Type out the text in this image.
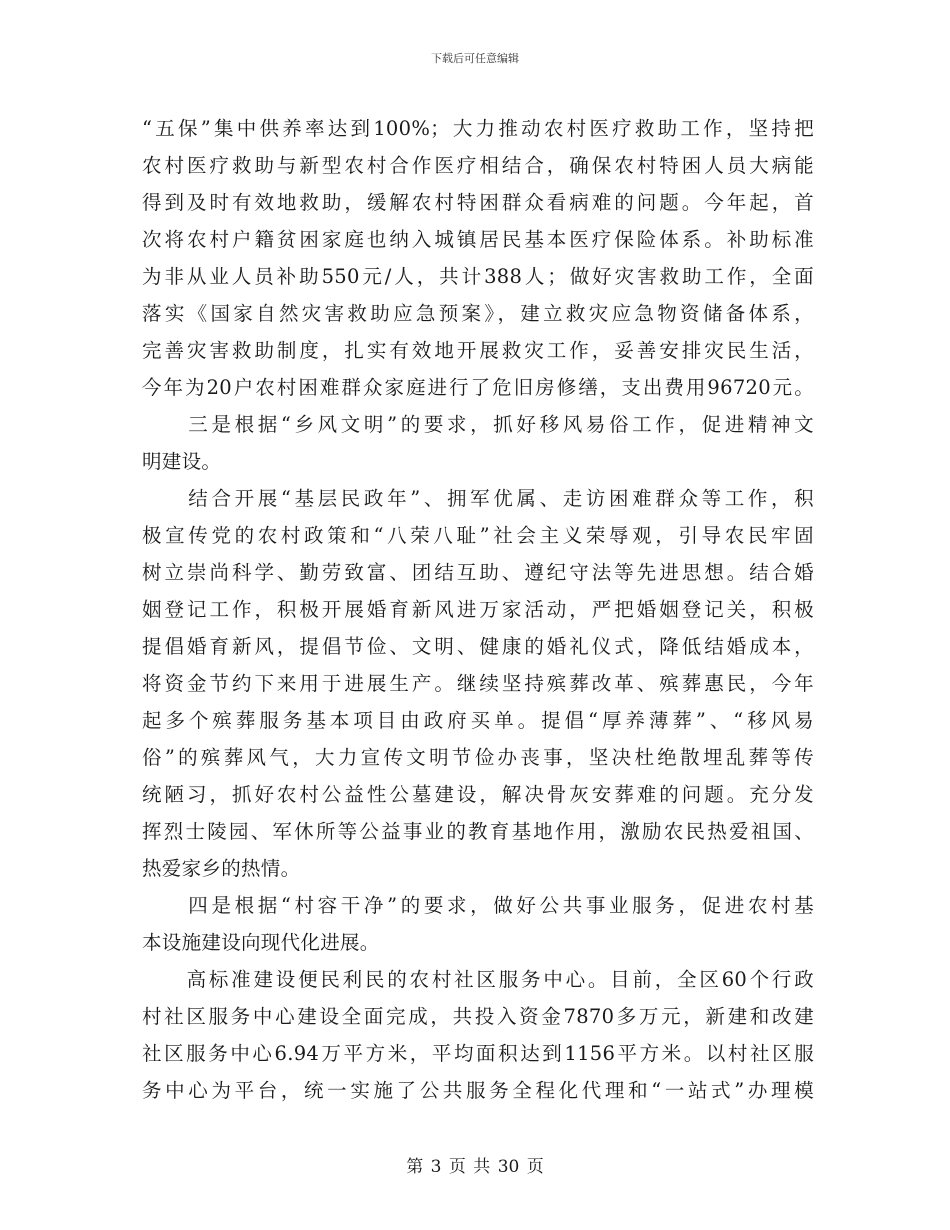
下载后可任意编辑
“五保”集中供养率达到100%；大力推动农村医疗救助工作，坚持把
农村医疗救助与新型农村合作医疗相结合，确保农村特困人员大病能
得到及时有效地救助，缓解农村特困群众看病难的问题。今年起，首
次将农村户籍贫困家庭也纳入城镇居民基本医疗保险体系。补助标准
为非从业人员补助550元/人，共计388人；做好灾害救助工作，全面
落实《国家自然灾害救助应急预案》，建立救灾应急物资储备体系，
完善灾害救助制度，扎实有效地开展救灾工作，妥善安排灾民生活，
今年为20户农村困难群众家庭进行了危旧房修缮，支出费用96720元。
　　三是根据“乡风文明”的要求，抓好移风易俗工作，促进精神文
明建设。
　　结合开展“基层民政年”、拥军优属、走访困难群众等工作，积
极宣传党的农村政策和“八荣八耻”社会主义荣辱观，引导农民牢固
树立崇尚科学、勤劳致富、团结互助、遵纪守法等先进思想。结合婚
姻登记工作，积极开展婚育新风进万家活动，严把婚姻登记关，积极
提倡婚育新风，提倡节俭、文明、健康的婚礼仪式，降低结婚成本，
将资金节约下来用于进展生产。继续坚持殡葬改革、殡葬惠民，今年
起多个殡葬服务基本项目由政府买单。提倡“厚养薄葬”、“移风易
俗”的殡葬风气，大力宣传文明节俭办丧事，坚决杜绝散埋乱葬等传
统陋习，抓好农村公益性公墓建设，解决骨灰安葬难的问题。充分发
挥烈士陵园、军休所等公益事业的教育基地作用，激励农民热爱祖国、
热爱家乡的热情。
　　四是根据“村容干净”的要求，做好公共事业服务，促进农村基
本设施建设向现代化进展。
　　高标准建设便民利民的农村社区服务中心。目前，全区60个行政
村社区服务中心建设全面完成，共投入资金7870多万元，新建和改建
社区服务中心6.94万平方米，平均面积达到1156平方米。以村社区服
务中心为平台，统一实施了公共服务全程化代理和“一站式”办理模
第 3 页 共 30 页
